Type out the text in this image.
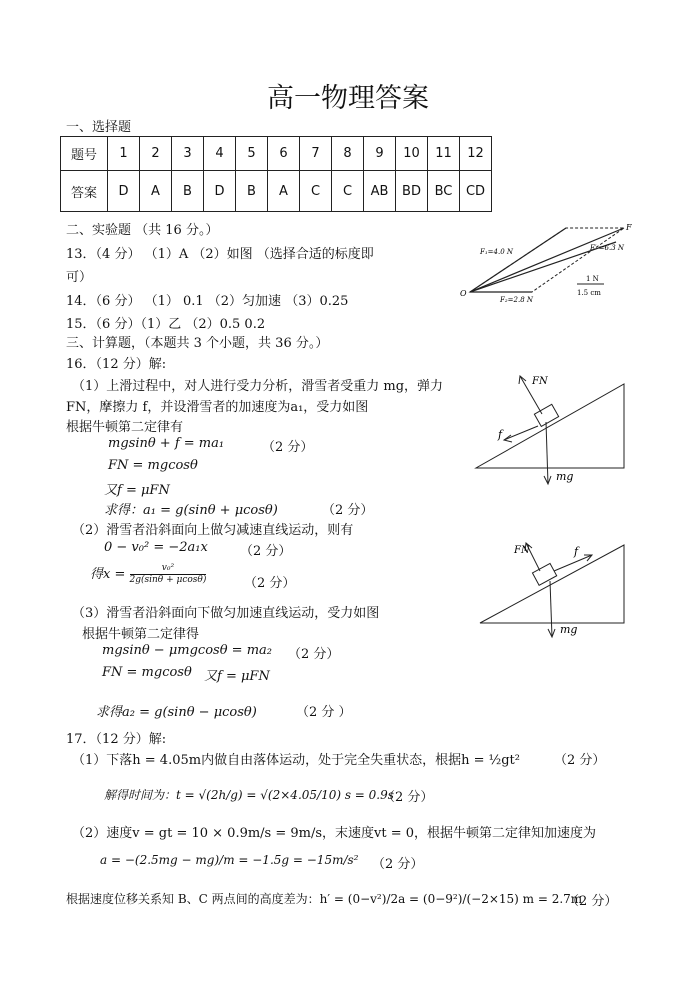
高一物理答案
一、选择题
题号	1	2	3	4	5	6	7	8	9	10	11	12
答案	D	A	B	D	B	A	C	C	AB	BD	BC	CD
二、实验题 （共 16 分。）
13．（4 分） （1）A （2）如图 （选择合适的标度即
可）
14．（6 分） （1） 0.1 （2）匀加速 （3）0.25
15．（6 分）（1）乙 （2）0.5 0.2
三、计算题，（本题共 3 个小题，共 36 分。）
16．（12 分）解:
（1）上滑过程中，对人进行受力分析，滑雪者受重力 mg，弹力
FN，摩擦力 f，并设滑雪者的加速度为a₁，受力如图
根据牛顿第二定律有
mgsinθ + f = ma₁	（2 分）
FN = mgcosθ
又f = μFN
求得：a₁ = g(sinθ + μcosθ)	（2 分）
（2）滑雪者沿斜面向上做匀减速直线运动，则有
0 − v₀² = −2a₁x （2 分）
得$x = \frac{\text{v₀²}}{2g(\sin\theta + \mu\cos\theta)}$	（2 分）
（3）滑雪者沿斜面向下做匀加速直线运动，受力如图
根据牛顿第二定律得
mgsinθ − μmgcosθ = ma₂ （2 分）
FN = mgcosθ 又f = μFN
求得a₂ = g(sinθ − μcosθ)	（2 分 ）
17．（12 分）解:
（1）下落h = 4.05m内做自由落体运动，处于完全失重状态，根据h = ½gt²	（2 分）
解得时间为：t = √(2h/g) = √(2×4.05/10) s = 0.9s
（2 分）
（2）速度v = gt = 10 × 0.9m/s = 9m/s，末速度vt = 0，根据牛顿第二定律知加速度为
a = −(2.5mg − mg)/m = −1.5g = −15m/s² （2 分）
根据速度位移关系知 B、C 两点间的高度差为：h′ = (0−v²)/2a = (0−9²)/(−2×15) m = 2.7m
（2 分）
O
F₁=4.0 N
F₂=2.8 N
F′ =6.3 N
F
1 N
1.5 cm
FN
f
mg
FN	f
mg
